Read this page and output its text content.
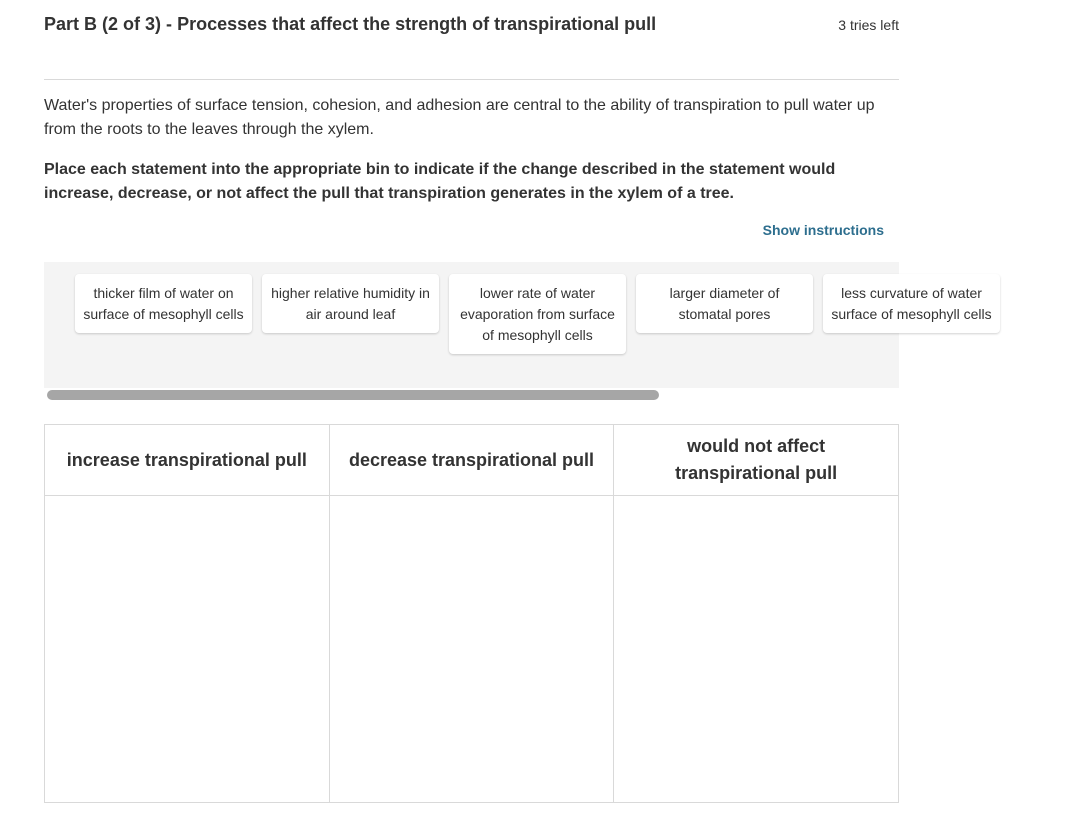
Part B (2 of 3) - Processes that affect the strength of transpirational pull	3 tries left

Water's properties of surface tension, cohesion, and adhesion are central to the ability of transpiration to pull water up from the roots to the leaves through the xylem.

Place each statement into the appropriate bin to indicate if the change described in the statement would increase, decrease, or not affect the pull that transpiration generates in the xylem of a tree.

Show instructions
thicker film of water on surface of mesophyll cells
higher relative humidity in air around leaf
lower rate of water evaporation from surface of mesophyll cells
larger diameter of stomatal pores
less curvature of water surface of mesophyll cells
increase transpirational pull	decrease transpirational pull
would not affect transpirational pull
